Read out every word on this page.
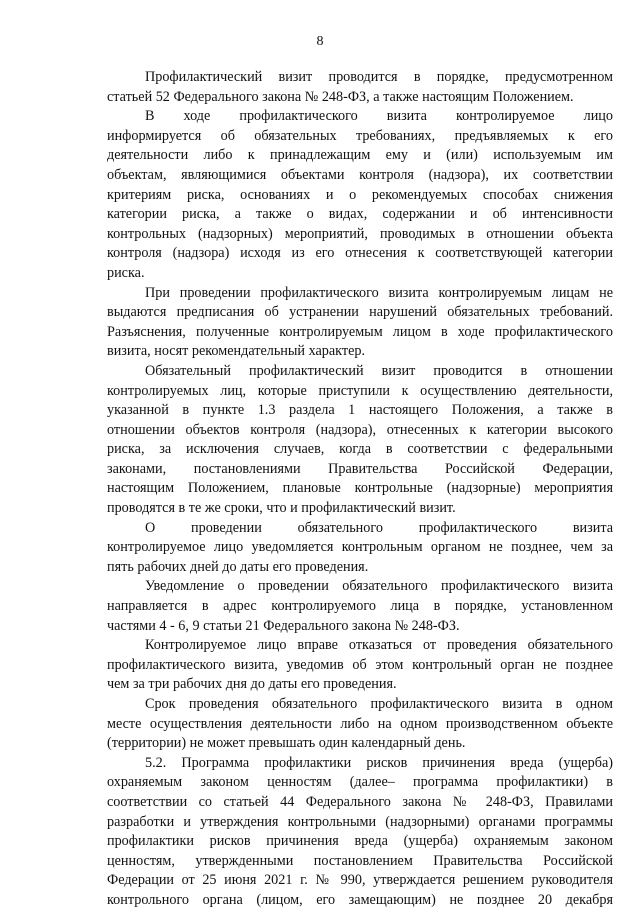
8
Профилактический визит проводится в порядке, предусмотренном
статьей 52 Федерального закона № 248-ФЗ, а также настоящим Положением.
В ходе профилактического визита контролируемое лицо
информируется об обязательных требованиях, предъявляемых к его
деятельности либо к принадлежащим ему и (или) используемым им
объектам, являющимися объектами контроля (надзора), их соответствии
критериям риска, основаниях и о рекомендуемых способах снижения
категории риска, а также о видах, содержании и об интенсивности
контрольных (надзорных) мероприятий, проводимых в отношении объекта
контроля (надзора) исходя из его отнесения к соответствующей категории
риска.
При проведении профилактического визита контролируемым лицам не
выдаются предписания об устранении нарушений обязательных требований.
Разъяснения, полученные контролируемым лицом в ходе профилактического
визита, носят рекомендательный характер.
Обязательный профилактический визит проводится в отношении
контролируемых лиц, которые приступили к осуществлению деятельности,
указанной в пункте 1.3 раздела 1 настоящего Положения, а также в
отношении объектов контроля (надзора), отнесенных к категории высокого
риска, за исключения случаев, когда в соответствии с федеральными
законами, постановлениями Правительства Российской Федерации,
настоящим Положением, плановые контрольные (надзорные) мероприятия
проводятся в те же сроки, что и профилактический визит.
О проведении обязательного профилактического визита
контролируемое лицо уведомляется контрольным органом не позднее, чем за
пять рабочих дней до даты его проведения.
Уведомление о проведении обязательного профилактического визита
направляется в адрес контролируемого лица в порядке, установленном
частями 4 - 6, 9 статьи 21 Федерального закона № 248-ФЗ.
Контролируемое лицо вправе отказаться от проведения обязательного
профилактического визита, уведомив об этом контрольный орган не позднее
чем за три рабочих дня до даты его проведения.
Срок проведения обязательного профилактического визита в одном
месте осуществления деятельности либо на одном производственном объекте
(территории) не может превышать один календарный день.
5.2. Программа профилактики рисков причинения вреда (ущерба)
охраняемым законом ценностям (далее– программа профилактики) в
соответствии со статьей 44 Федерального закона № 248-ФЗ, Правилами
разработки и утверждения контрольными (надзорными) органами программы
профилактики рисков причинения вреда (ущерба) охраняемым законом
ценностям, утвержденными постановлением Правительства Российской
Федерации от 25 июня 2021 г. № 990, утверждается решением руководителя
контрольного органа (лицом, его замещающим) не позднее 20 декабря
